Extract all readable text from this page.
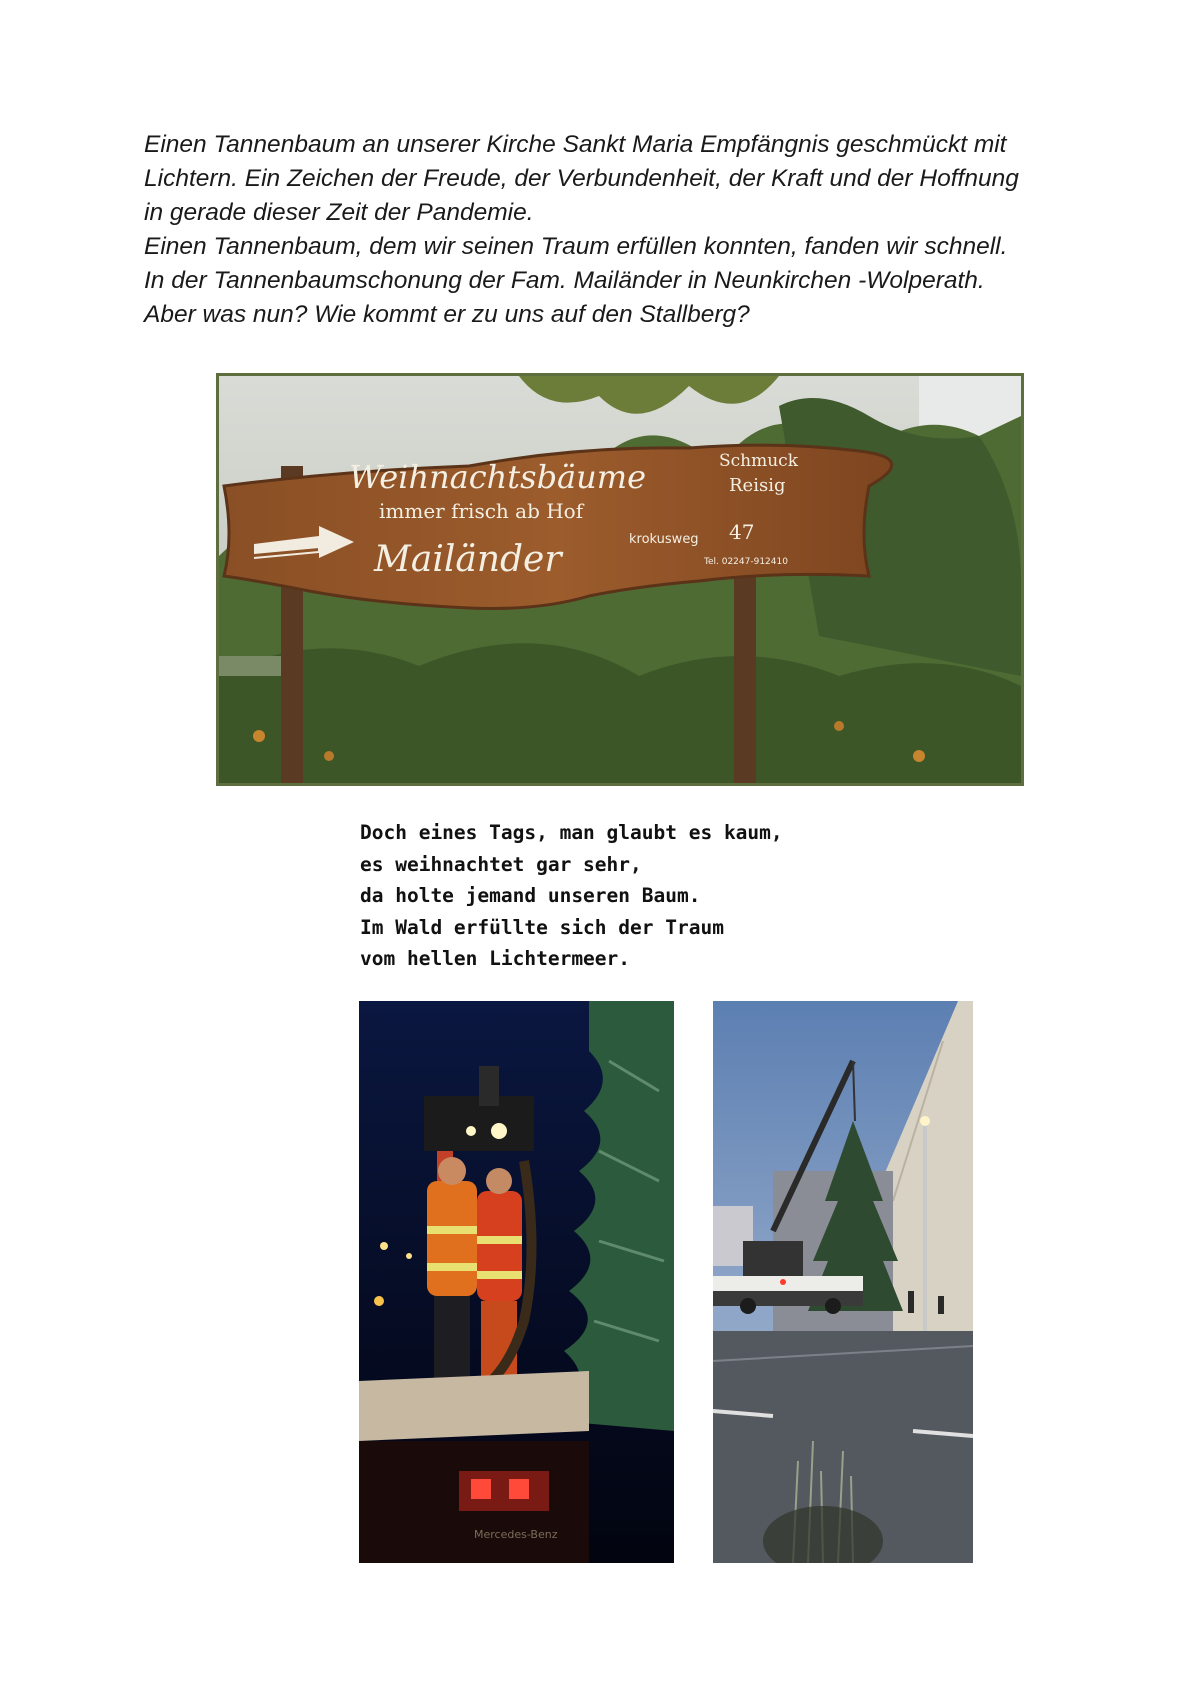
Einen Tannenbaum an unserer Kirche Sankt Maria Empfängnis geschmückt mit

Lichtern. Ein Zeichen der Freude, der Verbundenheit, der Kraft und der Hoffnung

in gerade dieser Zeit der Pandemie.

Einen Tannenbaum, dem wir seinen Traum erfüllen konnten, fanden wir schnell.

In der Tannenbaumschonung der Fam. Mailänder in Neunkirchen -Wolperath.

Aber was nun? Wie kommt er zu uns auf den Stallberg?

Weihnachtsbäume
immer frisch ab Hof
Mailänder
Schmuck
Reisig
krokusweg 47
Tel. 02247-912410

Doch eines Tags, man glaubt es kaum,

es weihnachtet gar sehr,

da holte jemand unseren Baum.

Im Wald erfüllte sich der Traum

vom hellen Lichtermeer.

Mercedes-Benz
